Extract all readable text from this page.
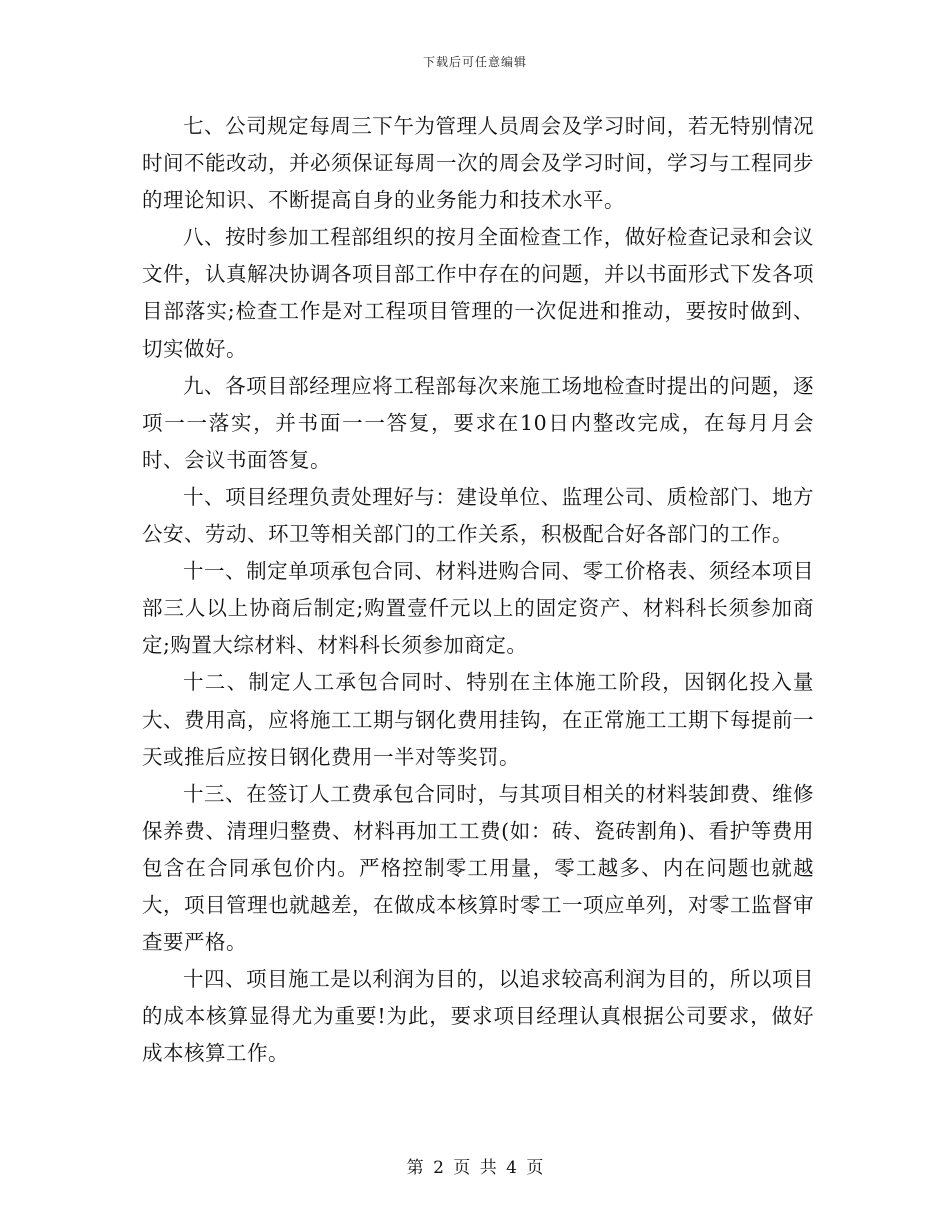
下载后可任意编辑

七、公司规定每周三下午为管理人员周会及学习时间，若无特别情况时间不能改动，并必须保证每周一次的周会及学习时间，学习与工程同步的理论知识、不断提高自身的业务能力和技术水平。

八、按时参加工程部组织的按月全面检查工作，做好检查记录和会议文件，认真解决协调各项目部工作中存在的问题，并以书面形式下发各项目部落实;检查工作是对工程项目管理的一次促进和推动，要按时做到、切实做好。

九、各项目部经理应将工程部每次来施工场地检查时提出的问题，逐项一一落实，并书面一一答复，要求在10日内整改完成，在每月月会时、会议书面答复。

十、项目经理负责处理好与：建设单位、监理公司、质检部门、地方公安、劳动、环卫等相关部门的工作关系，积极配合好各部门的工作。

十一、制定单项承包合同、材料进购合同、零工价格表、须经本项目部三人以上协商后制定;购置壹仟元以上的固定资产、材料科长须参加商定;购置大综材料、材料科长须参加商定。

十二、制定人工承包合同时、特别在主体施工阶段，因钢化投入量大、费用高，应将施工工期与钢化费用挂钩，在正常施工工期下每提前一天或推后应按日钢化费用一半对等奖罚。

十三、在签订人工费承包合同时，与其项目相关的材料装卸费、维修保养费、清理归整费、材料再加工工费(如：砖、瓷砖割角)、看护等费用包含在合同承包价内。严格控制零工用量，零工越多、内在问题也就越大，项目管理也就越差，在做成本核算时零工一项应单列，对零工监督审查要严格。

十四、项目施工是以利润为目的，以追求较高利润为目的，所以项目的成本核算显得尤为重要!为此，要求项目经理认真根据公司要求，做好成本核算工作。

第 2 页 共 4 页
